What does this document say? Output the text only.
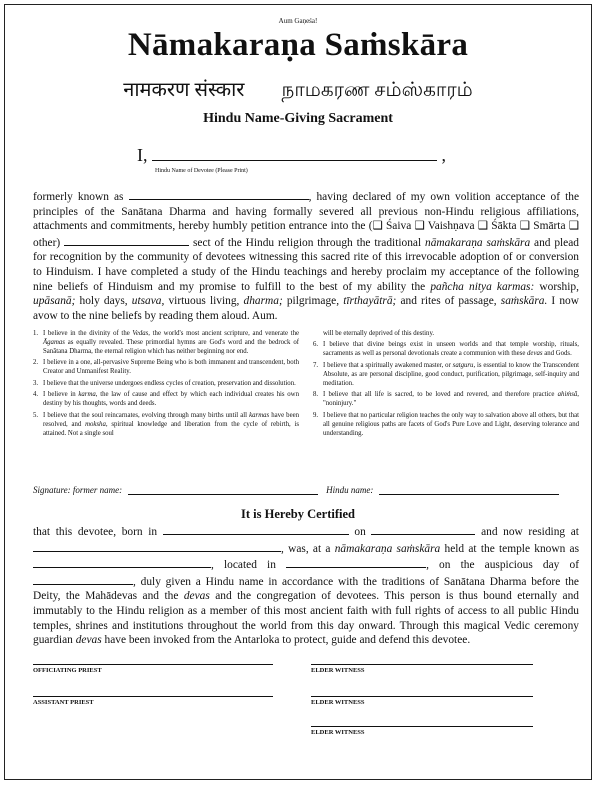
Aum Gaṇeśa!
Nāmakaraṇa Saṁskāra
नामकरण संस्कार நாமகரண சம்ஸ்காரம்
Hindu Name-Giving Sacrament
I,	,
Hindu Name of Devotee (Please Print)
formerly known as	, having declared of my own volition acceptance of the principles of the Sanātana Dharma and having formally severed all previous non-Hindu religious affiliations, attachments and commitments, hereby humbly petition entrance into the (❑ Śaiva ❑ Vaishṇava ❑ Śākta ❑ Smārta ❑ other)	sect of the Hindu religion through the traditional nāmakaraṇa saṁskāra and plead for recognition by the community of devotees witnessing this sacred rite of this irrevocable adoption of or conversion to Hinduism. I have completed a study of the Hindu teachings and hereby proclaim my acceptance of the following nine beliefs of Hinduism and my promise to fulfill to the best of my ability the pañcha nitya karmas: worship, upāsanā; holy days, utsava, virtuous living, dharma; pilgrimage, tīrthayātrā; and rites of passage, saṁskāra. I now avow to the nine beliefs by reading them aloud. Aum.
1. I believe in the divinity of the Vedas, the world's most ancient scripture, and venerate the Āgamas as equally revealed. These primordial hymns are God's word and the bedrock of Sanātana Dharma, the eternal religion which has neither beginning nor end.
2. I believe in a one, all-pervasive Supreme Being who is both immanent and transcendent, both Creator and Unmanifest Reality.
3. I believe that the universe undergoes endless cycles of creation, preservation and dissolution.
4. I believe in karma, the law of cause and effect by which each individual creates his own destiny by his thoughts, words and deeds.
5. I believe that the soul reincarnates, evolving through many births until all karmas have been resolved, and moksha, spiritual knowledge and liberation from the cycle of rebirth, is attained. Not a single soul
will be eternally deprived of this destiny.
6. I believe that divine beings exist in unseen worlds and that temple worship, rituals, sacraments as well as personal devotionals create a communion with these devas and Gods.
7. I believe that a spiritually awakened master, or satguru, is essential to know the Transcendent Absolute, as are personal discipline, good conduct, purification, pilgrimage, self-inquiry and meditation.
8. I believe that all life is sacred, to be loved and revered, and therefore practice ahiṁsā, "noninjury."
9. I believe that no particular religion teaches the only way to salvation above all others, but that all genuine religious paths are facets of God's Pure Love and Light, deserving tolerance and understanding.
Signature: former name:	Hindu name:
It is Hereby Certified
that this devotee, born in	on	and now residing at , was, at a nāmakaraṇa saṁskāra held at the temple known as , located in	, on the auspicious day of , duly given a Hindu name in accordance with the traditions of Sanātana Dharma before the Deity, the Mahādevas and the devas and the congregation of devotees. This person is thus bound eternally and immutably to the Hindu religion as a member of this most ancient faith with full rights of access to all public Hindu temples, shrines and institutions throughout the world from this day onward. Through this magical Vedic ceremony guardian devas have been invoked from the Antarloka to protect, guide and defend this devotee.
OFFICIATING PRIEST	ELDER WITNESS
ASSISTANT PRIEST	ELDER WITNESS
ELDER WITNESS
